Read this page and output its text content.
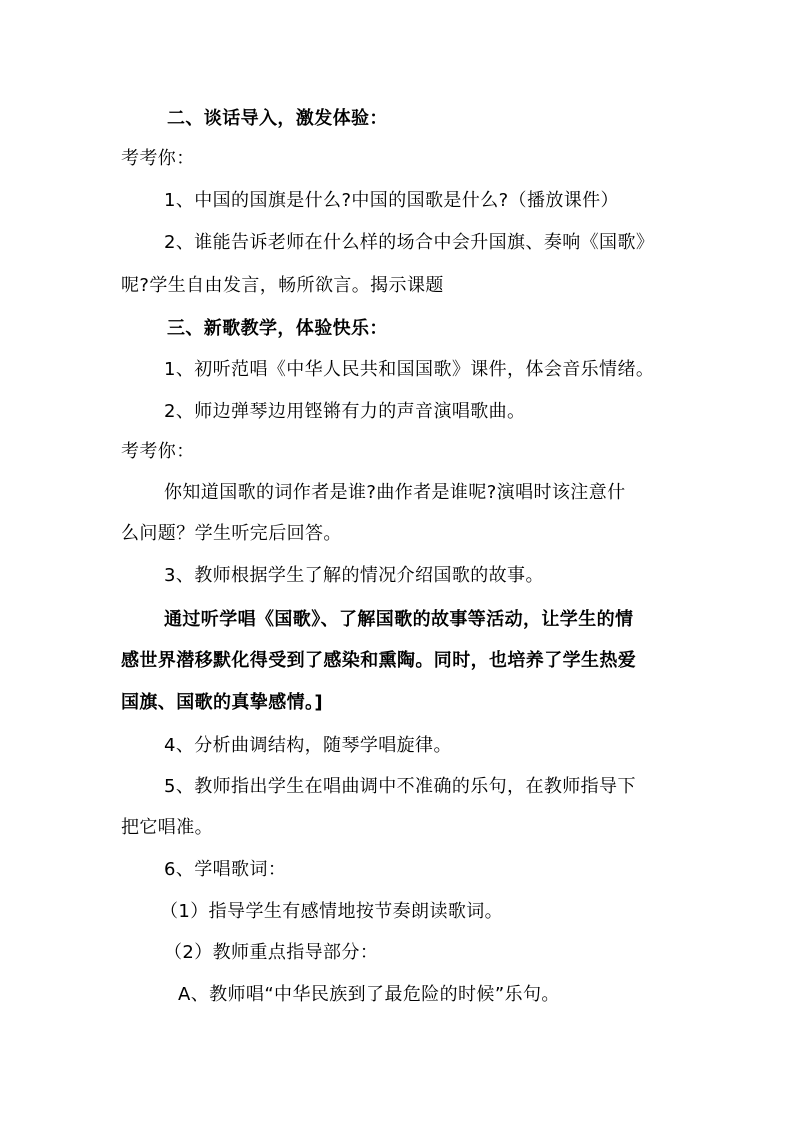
二、谈话导入，激发体验：
考考你：
1、中国的国旗是什么?中国的国歌是什么?（播放课件）
2、谁能告诉老师在什么样的场合中会升国旗、奏响《国歌》
呢?学生自由发言，畅所欲言。揭示课题
三、新歌教学，体验快乐：
1、初听范唱《中华人民共和国国歌》课件，体会音乐情绪。
2、师边弹琴边用铿锵有力的声音演唱歌曲。
考考你：
你知道国歌的词作者是谁?曲作者是谁呢?演唱时该注意什
么问题？学生听完后回答。
3、教师根据学生了解的情况介绍国歌的故事。
通过听学唱《国歌》、了解国歌的故事等活动，让学生的情
感世界潜移默化得受到了感染和熏陶。同时，也培养了学生热爱
国旗、国歌的真挚感情。]
4、分析曲调结构，随琴学唱旋律。
5、教师指出学生在唱曲调中不准确的乐句，在教师指导下
把它唱准。
6、学唱歌词：
（1）指导学生有感情地按节奏朗读歌词。
（2）教师重点指导部分：
A、教师唱“中华民族到了最危险的时候”乐句。
